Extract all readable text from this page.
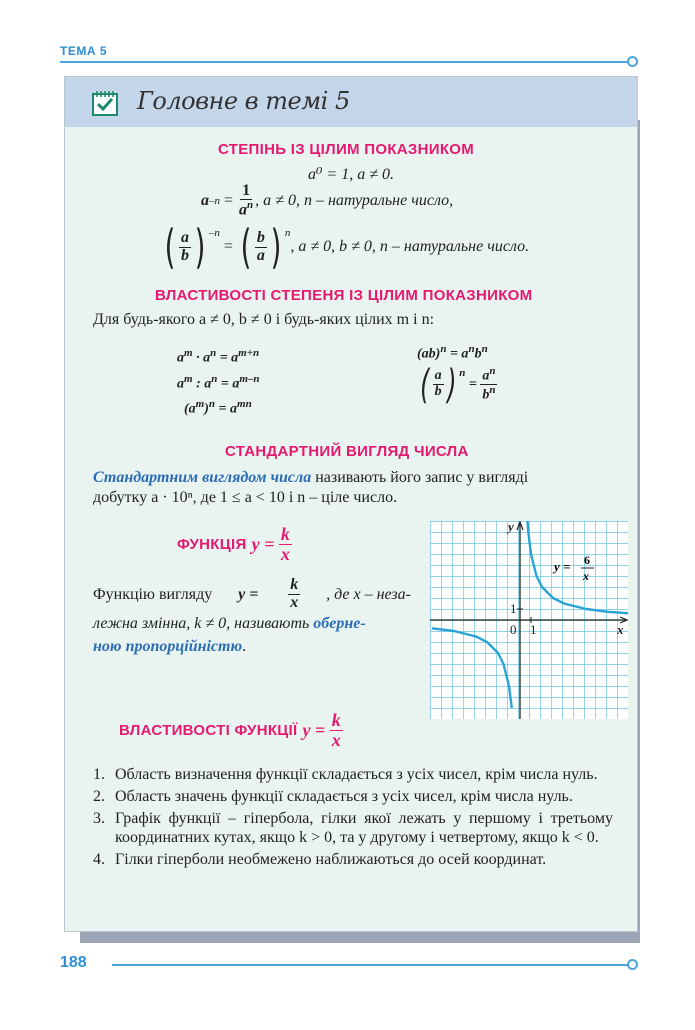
ТЕМА 5
Головне в темі 5
СТЕПІНЬ ІЗ ЦІЛИМ ПОКАЗНИКОМ
a⁰ = 1, a ≠ 0.
a $-n = \frac{1}{a^n}$ , a ≠ 0, n – натуральне число,
( $\frac{a}{b}$ ) $^{-n}$
= ( $\frac{b}{a}$ ) $^n$
, a ≠ 0, b ≠ 0, n – натуральне число.
ВЛАСТИВОСТІ СТЕПЕНЯ ІЗ ЦІЛИМ ПОКАЗНИКОМ
Для будь-якого a ≠ 0, b ≠ 0 і будь-яких цілих m і n:
$a^m \cdot a^n = a^{m+n}$
$a^m$ : $a^n = a^{m-n}$
$(a^m)^n = a^{mn}$
$(ab)^n = a^nb^n$
( $\frac{a}{b}$ ) $^n$
= $\frac{a^n}{b^n}$
СТАНДАРТНИЙ ВИГЛЯД ЧИСЛА
Стандартним виглядом числа називають його запис у вигляді
добутку a · 10ⁿ, де 1 ≤ a < 10 і n – ціле число.
ФУНКЦІЯ
$y = \frac{k}{x}$
Функцію вигляду $y = \frac{k}{x}$ , де x – неза-
лежна змінна, k ≠ 0, називають оберне-
ною пропорційністю.
x
y
0 1
1
y = 6
x
ВЛАСТИВОСТІ ФУНКЦІЇ
$y = \frac{k}{x}$
1. Область визначення функції складається з усіх чисел, крім числа нуль.
2. Область значень функції складається з усіх чисел, крім числа нуль.
3. Графік функції – гіпербола, гілки якої лежать у першому і третьому координатних кутах, якщо k > 0, та у другому і четвертому, якщо k < 0.
4. Гілки гіперболи необмежено наближаються до осей координат.
188
